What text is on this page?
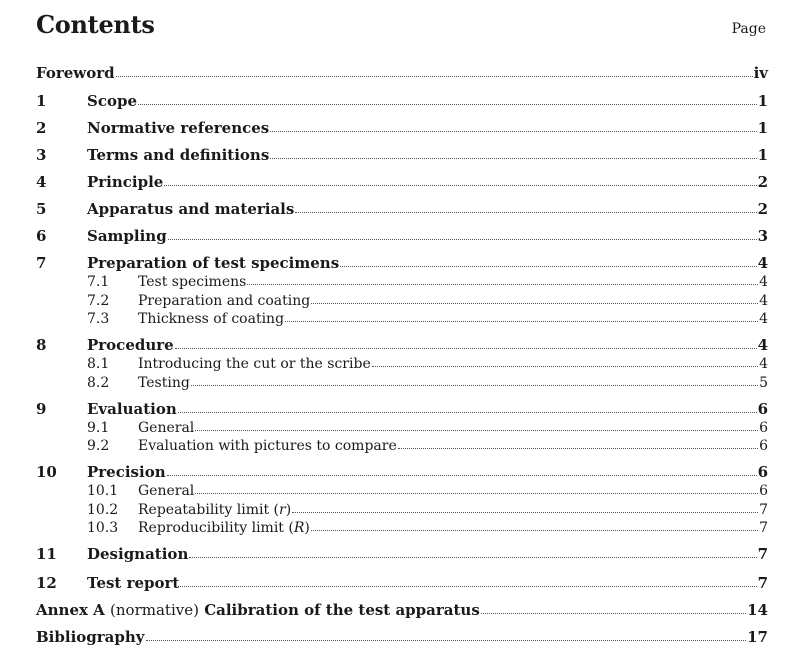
Contents	Page
Foreword	iv
1	Scope	1
2	Normative references	1
3	Terms and definitions	1
4	Principle	2
5	Apparatus and materials	2
6	Sampling	3
7	Preparation of test specimens	4
7.1	Test specimens	4
7.2	Preparation and coating	4
7.3	Thickness of coating	4
8	Procedure	4
8.1	Introducing the cut or the scribe	4
8.2	Testing	5
9	Evaluation	6
9.1	General	6
9.2	Evaluation with pictures to compare	6
10	Precision	6
10.1	General	6
10.2	Repeatability limit (r)	7
10.3	Reproducibility limit (R)	7
11	Designation	7
12	Test report	7
Annex A (normative) Calibration of the test apparatus	14
Bibliography	17
